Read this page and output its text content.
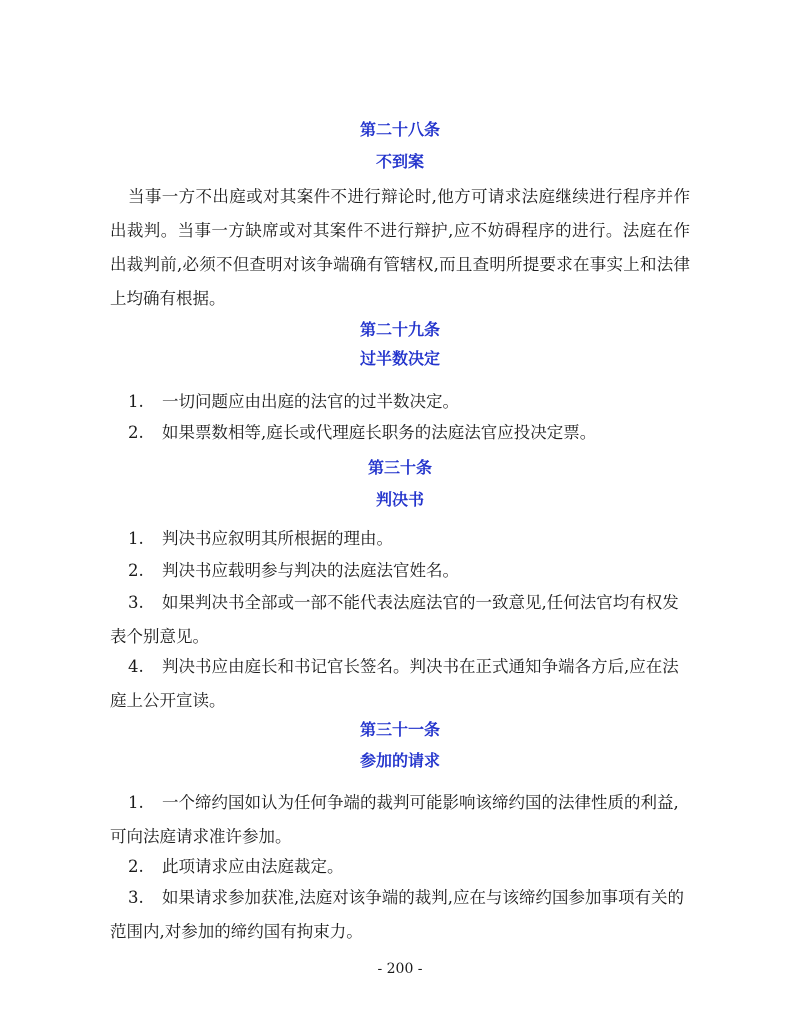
第二十八条
不到案
当事一方不出庭或对其案件不进行辩论时,他方可请求法庭继续进行程序并作出裁判。当事一方缺席或对其案件不进行辩护,应不妨碍程序的进行。法庭在作出裁判前,必须不但查明对该争端确有管辖权,而且查明所提要求在事实上和法律上均确有根据。
第二十九条
过半数决定
1. 一切问题应由出庭的法官的过半数决定。
2. 如果票数相等,庭长或代理庭长职务的法庭法官应投决定票。
第三十条
判决书
1. 判决书应叙明其所根据的理由。
2. 判决书应载明参与判决的法庭法官姓名。
3. 如果判决书全部或一部不能代表法庭法官的一致意见,任何法官均有权发表个别意见。
4. 判决书应由庭长和书记官长签名。判决书在正式通知争端各方后,应在法庭上公开宣读。
第三十一条
参加的请求
1. 一个缔约国如认为任何争端的裁判可能影响该缔约国的法律性质的利益,可向法庭请求准许参加。
2. 此项请求应由法庭裁定。
3. 如果请求参加获准,法庭对该争端的裁判,应在与该缔约国参加事项有关的范围内,对参加的缔约国有拘束力。
- 200 -
